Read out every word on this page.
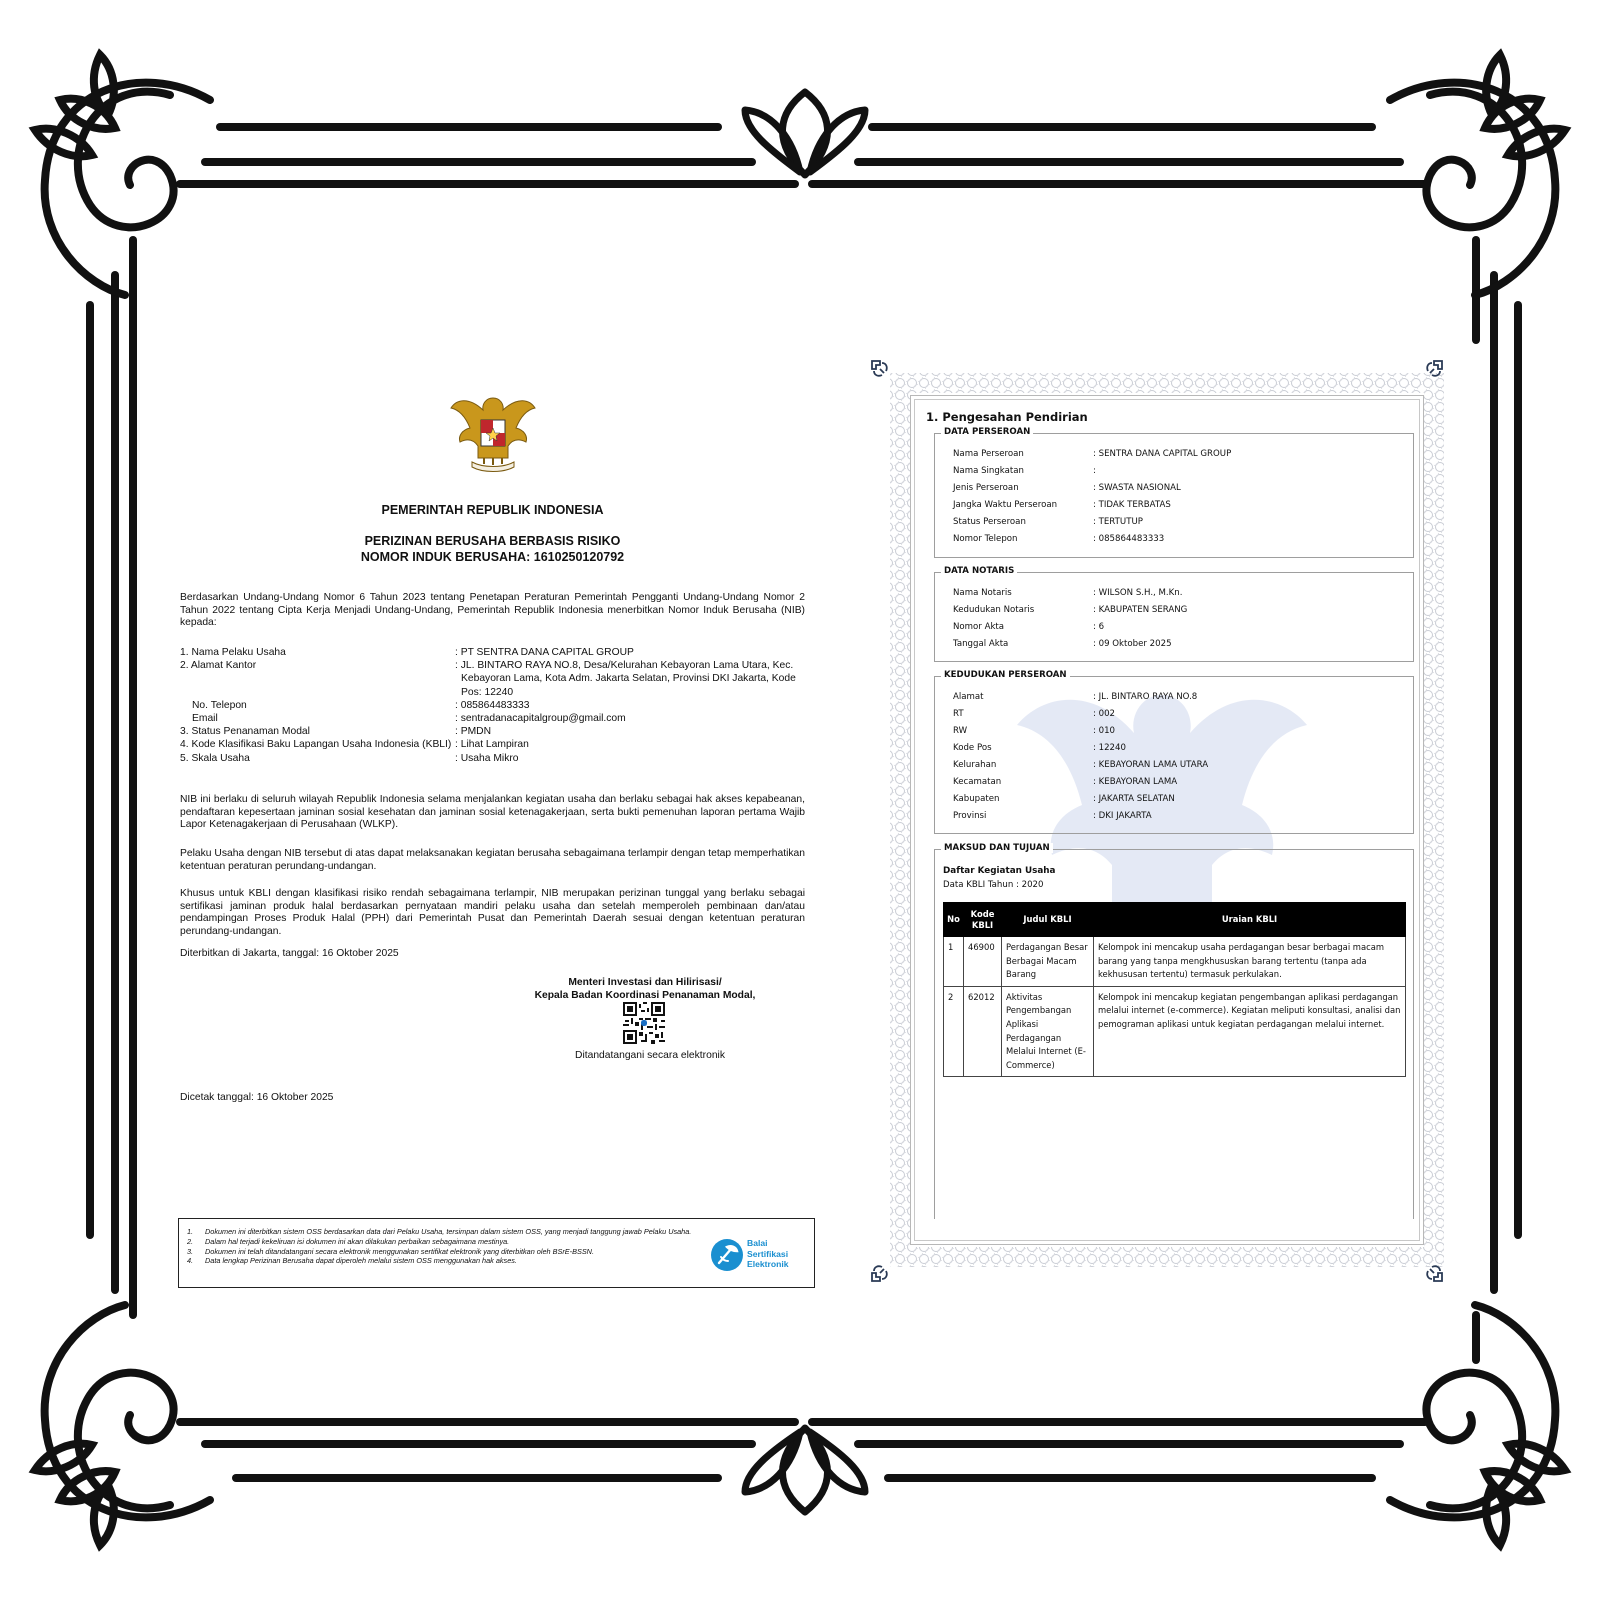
PEMERINTAH REPUBLIK INDONESIA
PERIZINAN BERUSAHA BERBASIS RISIKO
NOMOR INDUK BERUSAHA: 1610250120792

Berdasarkan Undang-Undang Nomor 6 Tahun 2023 tentang Penetapan Peraturan Pemerintah Pengganti Undang-Undang Nomor 2 Tahun 2022 tentang Cipta Kerja Menjadi Undang-Undang, Pemerintah Republik Indonesia menerbitkan Nomor Induk Berusaha (NIB) kepada:

1. Nama Pelaku Usaha	: PT SENTRA DANA CAPITAL GROUP
2. Alamat Kantor	: JL. BINTARO RAYA NO.8, Desa/Kelurahan Kebayoran Lama Utara, Kec. Kebayoran Lama, Kota Adm. Jakarta Selatan, Provinsi DKI Jakarta, Kode Pos: 12240
No. Telepon	: 085864483333
Email	: sentradanacapitalgroup@gmail.com
3. Status Penanaman Modal	: PMDN
4. Kode Klasifikasi Baku Lapangan Usaha Indonesia (KBLI) : Lihat Lampiran
5. Skala Usaha	: Usaha Mikro

NIB ini berlaku di seluruh wilayah Republik Indonesia selama menjalankan kegiatan usaha dan berlaku sebagai hak akses kepabeanan, pendaftaran kepesertaan jaminan sosial kesehatan dan jaminan sosial ketenagakerjaan, serta bukti pemenuhan laporan pertama Wajib Lapor Ketenagakerjaan di Perusahaan (WLKP).

Pelaku Usaha dengan NIB tersebut di atas dapat melaksanakan kegiatan berusaha sebagaimana terlampir dengan tetap memperhatikan ketentuan peraturan perundang-undangan.

Khusus untuk KBLI dengan klasifikasi risiko rendah sebagaimana terlampir, NIB merupakan perizinan tunggal yang berlaku sebagai sertifikasi jaminan produk halal berdasarkan pernyataan mandiri pelaku usaha dan setelah memperoleh pembinaan dan/atau pendampingan Proses Produk Halal (PPH) dari Pemerintah Pusat dan Pemerintah Daerah sesuai dengan ketentuan peraturan perundang-undangan.

Diterbitkan di Jakarta, tanggal: 16 Oktober 2025
Menteri Investasi dan Hilirisasi/
Kepala Badan Koordinasi Penanaman Modal,
Ditandatangani secara elektronik
Dicetak tanggal: 16 Oktober 2025
1.	Dokumen ini diterbitkan sistem OSS berdasarkan data dari Pelaku Usaha, tersimpan dalam sistem OSS, yang menjadi tanggung jawab Pelaku Usaha.
2.	Dalam hal terjadi kekeliruan isi dokumen ini akan dilakukan perbaikan sebagaimana mestinya.
3.	Dokumen ini telah ditandatangani secara elektronik menggunakan sertifikat elektronik yang diterbitkan oleh BSrE-BSSN.
4.	Data lengkap Perizinan Berusaha dapat diperoleh melalui sistem OSS menggunakan hak akses.
Balai
Sertifikasi
Elektronik
1. Pengesahan Pendirian
DATA PERSEROAN
Nama Perseroan	: SENTRA DANA CAPITAL GROUP
Nama Singkatan	:
Jenis Perseroan	: SWASTA NASIONAL
Jangka Waktu Perseroan	: TIDAK TERBATAS
Status Perseroan	: TERTUTUP
Nomor Telepon	: 085864483333
DATA NOTARIS
Nama Notaris	: WILSON S.H., M.Kn.
Kedudukan Notaris	: KABUPATEN SERANG
Nomor Akta	: 6
Tanggal Akta	: 09 Oktober 2025
KEDUDUKAN PERSEROAN
Alamat	: JL. BINTARO RAYA NO.8
RT	: 002
RW	: 010
Kode Pos	: 12240
Kelurahan	: KEBAYORAN LAMA UTARA
Kecamatan	: KEBAYORAN LAMA
Kabupaten	: JAKARTA SELATAN
Provinsi	: DKI JAKARTA
MAKSUD DAN TUJUAN
Daftar Kegiatan Usaha
Data KBLI Tahun : 2020
No	Kode KBLI	Judul KBLI	Uraian KBLI
1	46900	Perdagangan Besar Berbagai Macam Barang	Kelompok ini mencakup usaha perdagangan besar berbagai macam barang yang tanpa mengkhususkan barang tertentu (tanpa ada kekhususan tertentu) termasuk perkulakan.
2	62012	Aktivitas Pengembangan Aplikasi Perdagangan Melalui Internet (E-Commerce)	Kelompok ini mencakup kegiatan pengembangan aplikasi perdagangan melalui internet (e-commerce). Kegiatan meliputi konsultasi, analisi dan pemograman aplikasi untuk kegiatan perdagangan melalui internet.
